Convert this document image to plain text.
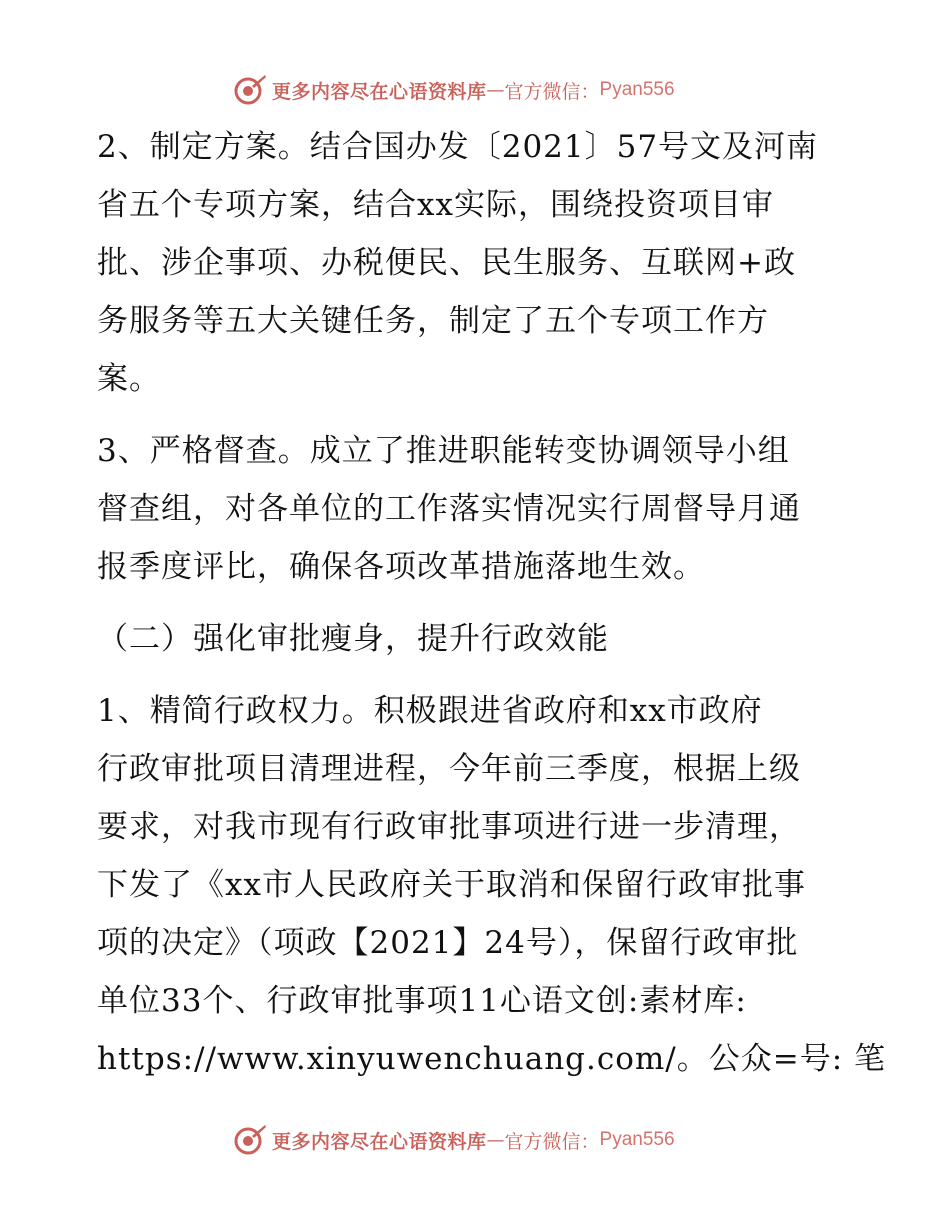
更多内容尽在心语资料库 — 官方微信： Pyan556

2、制定方案。结合国办发〔2021〕57号文及河南
省五个专项方案，结合xx实际，围绕投资项目审
批、涉企事项、办税便民、民生服务、互联网+政
务服务等五大关键任务，制定了五个专项工作方
案。

3、严格督查。成立了推进职能转变协调领导小组
督查组，对各单位的工作落实情况实行周督导月通
报季度评比，确保各项改革措施落地生效。

（二）强化审批瘦身，提升行政效能

1、精简行政权力。积极跟进省政府和xx市政府
行政审批项目清理进程，今年前三季度，根据上级
要求，对我市现有行政审批事项进行进一步清理，
下发了《xx市人民政府关于取消和保留行政审批事
项的决定》（项政【2021】24号），保留行政审批
单位33个、行政审批事项11心语文创:素材库:
https://www.xinyuwenchuang.com/。公众=号: 笔

更多内容尽在心语资料库 — 官方微信： Pyan556
